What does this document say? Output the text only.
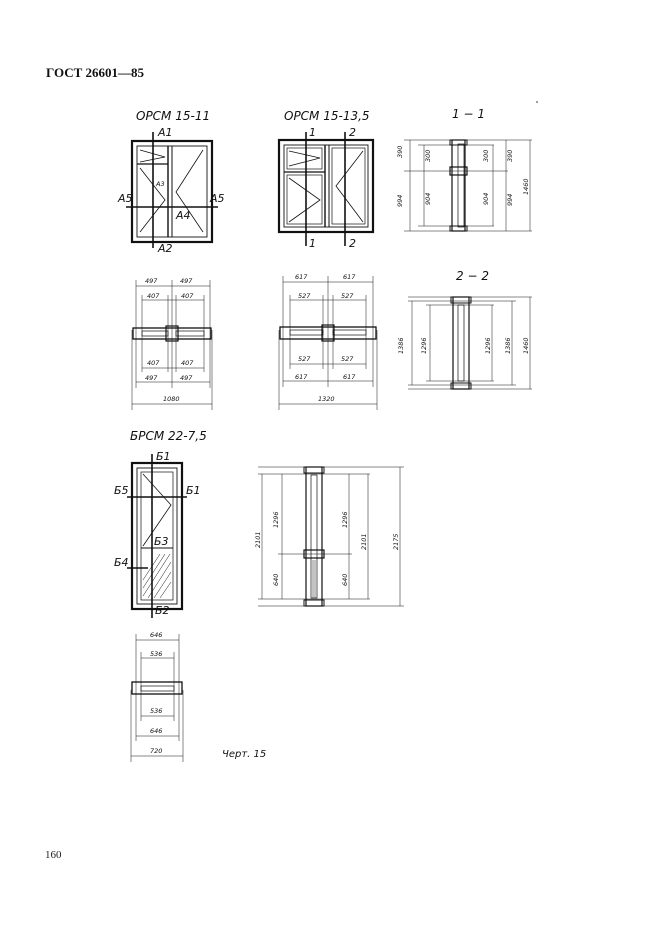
ГОСТ 26601—85
160
ОРСМ 15-11
А1
А2
А3
А4
А5	А5
ОРСМ 15-13,5
1	2
1	2
1 − 1
390
994
300
904
300
904
390
994
1460
497	497
407	407
407	407
497	497
1080
617	617
527	527
527	527
617	617
1320
2 − 2
1386 1296	1296 1386 1460
БРСМ 22-7,5
Б1
Б5	Б1
Б3
Б4
Б2
2101
1296
640
1296
640
2101	2175
646
536
536
646
720	Черт. 15
